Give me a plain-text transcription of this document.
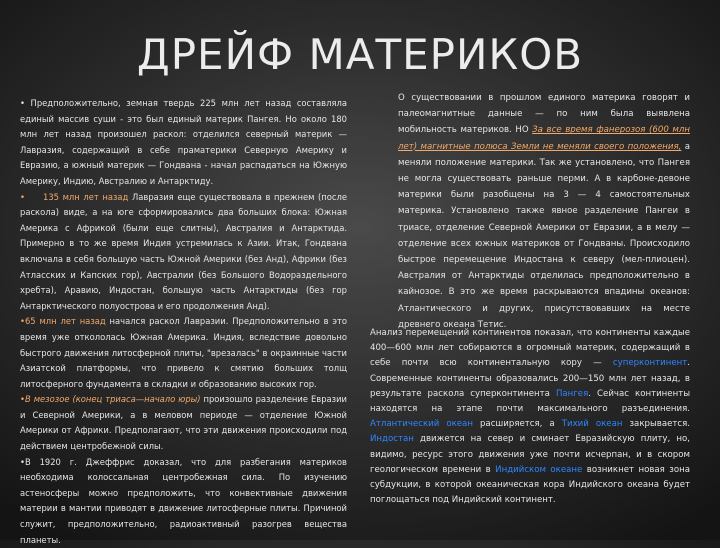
ДРЕЙФ МАТЕРИКОВ

• Предположительно, земная твердь 225 млн лет назад составляла единый массив суши - это был единый материк Пангея. Но около 180 млн лет назад произошел раскол: отделился северный материк — Лавразия, содержащий в себе праматерики Северную Америку и Евразию, а южный материк — Гондвана - начал распадаться на Южную Америку, Индию, Австралию и Антарктиду.

• 135 млн лет назад Лавразия еще существовала в прежнем (после раскола) виде, а на юге сформировались два больших блока: Южная Америка с Африкой (были еще слитны), Австралия и Антарктида. Примерно в то же время Индия устремилась к Азии. Итак, Гондвана включала в себя большую часть Южной Америки (без Анд), Африки (без Атласских и Капских гор), Австралии (без Большого Водораздельного хребта), Аравию, Индостан, большую часть Антарктиды (без гор Антарктического полуострова и его продолжения Анд).

•65 млн лет назад начался раскол Лавразии. Предположительно в это время уже откололась Южная Америка. Индия, вследствие довольно быстрого движения литосферной плиты, "врезалась" в окраинные части Азиатской платформы, что привело к смятию больших толщ литосферного фундамента в складки и образованию высоких гор.

•В мезозое (конец триаса—начало юры) произошло разделение Евразии и Северной Америки, а в меловом периоде — отделение Южной Америки от Африки. Предполагают, что эти движения происходили под действием центробежной силы.

•В 1920 г. Джеффрис доказал, что для разбегания материков необходима колоссальная центробежная сила. По изучению астеносферы можно предположить, что конвективные движения материи в мантии приводят в движение литосферные плиты. Причиной служит, предположительно, радиоактивный разогрев вещества планеты.

О существовании в прошлом единого материка говорят и палеомагнитные данные — по ним была выявлена мобильность материков. НО За все время фанерозоя (600 млн лет) магнитные полюса Земли не меняли своего положения, а меняли положение материки. Так же установлено, что Пангея не могла существовать раньше перми. А в карбоне-девоне материки были разобщены на 3 — 4 самостоятельных материка. Установлено также явное разделение Пангеи в триасе, отделение Северной Америки от Евразии, а в мелу — отделение всех южных материков от Гондваны. Происходило быстрое перемещение Индостана к северу (мел-плиоцен). Австралия от Антарктиды отделилась предположительно в кайнозое. В это же время раскрываются впадины океанов: Атлантического и других, присутствовавших на месте древнего океана Тетис.

Анализ перемещений континентов показал, что континенты каждые 400—600 млн лет собираются в огромный материк, содержащий в себе почти всю континентальную кору — суперконтинент. Современные континенты образовались 200—150 млн лет назад, в результате раскола суперконтинента Пангея. Сейчас континенты находятся на этапе почти максимального разъединения. Атлантический океан расширяется, а Тихий океан закрывается. Индостан движется на север и сминает Евразийскую плиту, но, видимо, ресурс этого движения уже почти исчерпан, и в скором геологическом времени в Индийском океане возникнет новая зона субдукции, в которой океаническая кора Индийского океана будет поглощаться под Индийский континент.
